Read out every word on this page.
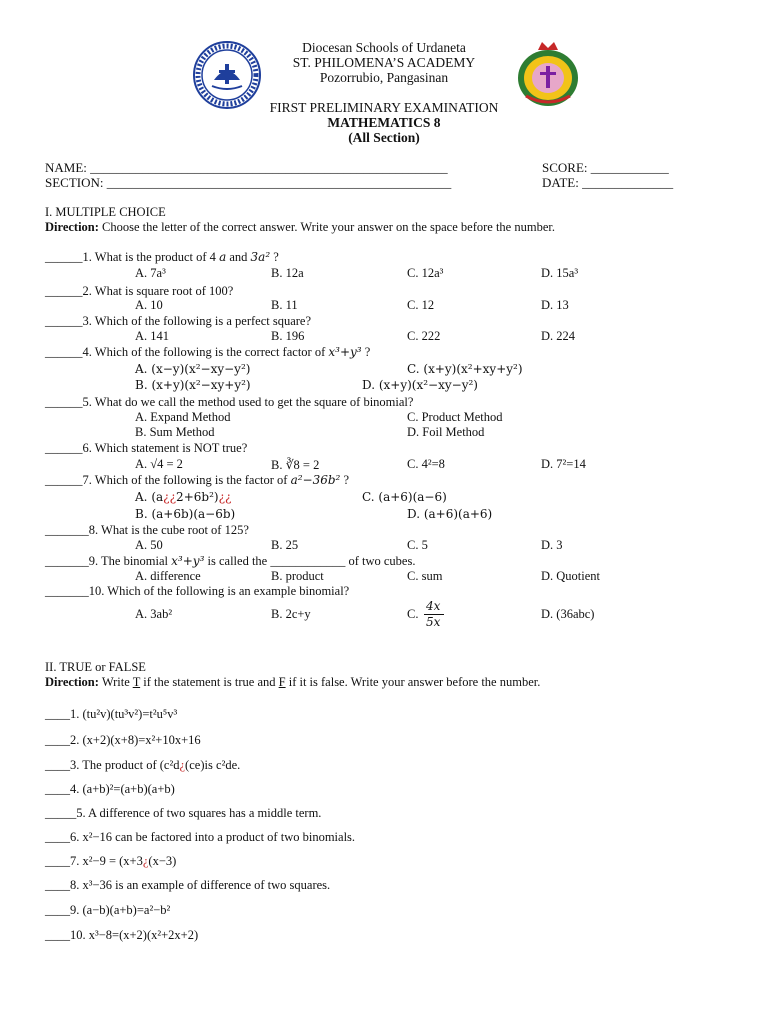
Diocesan Schools of Urdaneta
ST. PHILOMENA’S ACADEMY
Pozorrubio, Pangasinan
FIRST PRELIMINARY EXAMINATION
MATHEMATICS 8
(All Section)
NAME: _______________________________________________________	SCORE: ____________
SECTION: _____________________________________________________	DATE: ______________
I. MULTIPLE CHOICE
Direction: Choose the letter of the correct answer. Write your answer on the space before the number.
______1. What is the product of 4 a and 3a² ?
A. 7a³	B. 12a	C. 12a³	D. 15a³
______2. What is square root of 100?
A. 10	B. 11	C. 12	D. 13
______3. Which of the following is a perfect square?
A. 141	B. 196	C. 222	D. 224
______4. Which of the following is the correct factor of x³+y³ ?
A. (x−y)(x²−xy−y²)	C. (x+y)(x²+xy+y²)
B. (x+y)(x²−xy+y²)	D. (x+y)(x²−xy−y²)
______5. What do we call the method used to get the square of binomial?
A. Expand Method	C. Product Method
B. Sum Method	D. Foil Method
______6. Which statement is NOT true?
A. √4 = 2	B. ∛8 = 2	C. 4²=8	D. 7²=14
______7. Which of the following is the factor of a²−36b² ?
A. (a¿¿2+6b²)¿¿	C. (a+6)(a−6)
B. (a+6b)(a−6b)	D. (a+6)(a+6)
_______8. What is the cube root of 125?
A. 50	B. 25	C. 5	D. 3
_______9. The binomial x³+y³ is called the ____________ of two cubes.
A. difference	B. product	C. sum	D. Quotient
_______10. Which of the following is an example binomial?
A. 3ab²	B. 2c+y	C.
4x
5x
D. (36abc)
II. TRUE or FALSE
Direction: Write T if the statement is true and F if it is false. Write your answer before the number.
____1. (tu²v)(tu³v²)=t²u⁵v³
____2. (x+2)(x+8)=x²+10x+16
____3. The product of (c²d¿(ce)is c²de.
____4. (a+b)²=(a+b)(a+b)
_____5. A difference of two squares has a middle term.
____6. x²−16 can be factored into a product of two binomials.
____7. x²−9 = (x+3¿(x−3)
____8. x³−36 is an example of difference of two squares.
____9. (a−b)(a+b)=a²−b²
____10. x³−8=(x+2)(x²+2x+2)
